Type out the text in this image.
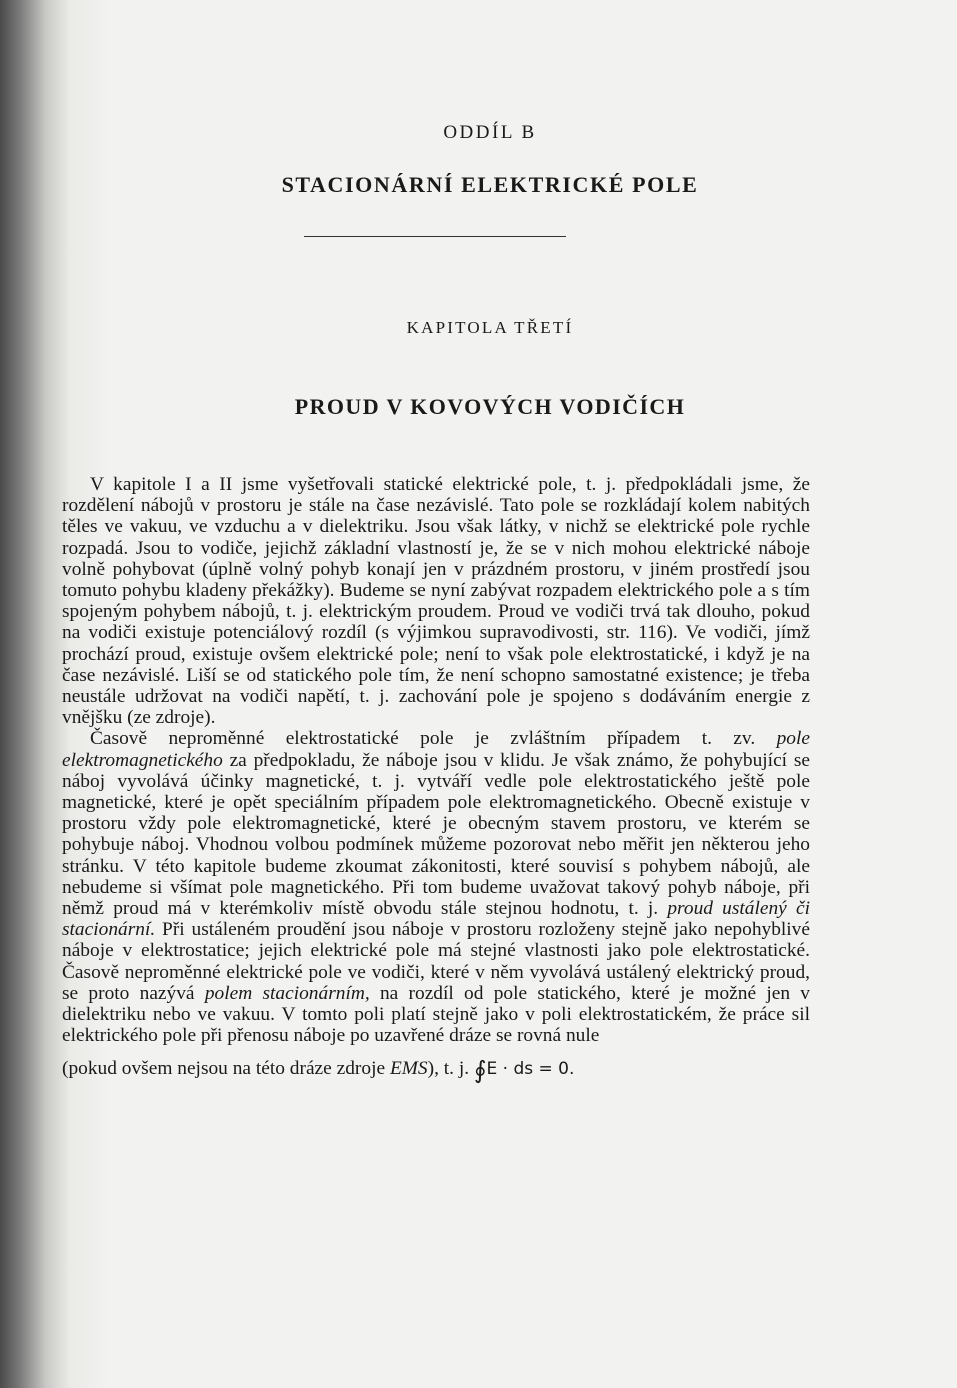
ODDÍL B
STACIONÁRNÍ ELEKTRICKÉ POLE
KAPITOLA TŘETÍ
PROUD V KOVOVÝCH VODIČÍCH

V kapitole I a II jsme vyšetřovali statické elektrické pole, t. j. předpokládali jsme, že rozdělení nábojů v prostoru je stále na čase nezávislé. Tato pole se rozkládají kolem nabitých těles ve vakuu, ve vzduchu a v dielektriku. Jsou však látky, v nichž se elektrické pole rychle rozpadá. Jsou to vodiče, jejichž základní vlastností je, že se v nich mohou elektrické náboje volně pohybovat (úplně volný pohyb konají jen v prázdném prostoru, v jiném prostředí jsou tomuto pohybu kladeny překážky). Budeme se nyní zabývat rozpadem elektrického pole a s tím spojeným pohybem nábojů, t. j. elektrickým proudem. Proud ve vodiči trvá tak dlouho, pokud na vodiči existuje potenciálový rozdíl (s výjimkou supravodivosti, str. 116). Ve vodiči, jímž prochází proud, existuje ovšem elektrické pole; není to však pole elektrostatické, i když je na čase nezávislé. Liší se od statického pole tím, že není schopno samostatné existence; je třeba neustále udržovat na vodiči napětí, t. j. zachování pole je spojeno s dodáváním energie z vnějšku (ze zdroje).

Časově neproměnné elektrostatické pole je zvláštním případem t. zv. pole elektromagnetického za předpokladu, že náboje jsou v klidu. Je však známo, že pohybující se náboj vyvolává účinky magnetické, t. j. vytváří vedle pole elektrostatického ještě pole magnetické, které je opět speciálním případem pole elektromagnetického. Obecně existuje v prostoru vždy pole elektromagnetické, které je obecným stavem prostoru, ve kterém se pohybuje náboj. Vhodnou volbou podmínek můžeme pozorovat nebo měřit jen některou jeho stránku. V této kapitole budeme zkoumat zákonitosti, které souvisí s pohybem nábojů, ale nebudeme si všímat pole magnetického. Při tom budeme uvažovat takový pohyb náboje, při němž proud má v kterémkoliv místě obvodu stále stejnou hodnotu, t. j. proud ustálený či stacionární. Při ustáleném proudění jsou náboje v prostoru rozloženy stejně jako nepohyblivé náboje v elektrostatice; jejich elektrické pole má stejné vlastnosti jako pole elektrostatické. Časově neproměnné elektrické pole ve vodiči, které v něm vyvolává ustálený elektrický proud, se proto nazývá polem stacionárním, na rozdíl od pole statického, které je možné jen v dielektriku nebo ve vakuu. V tomto poli platí stejně jako v poli elektrostatickém, že práce sil elektrického pole při přenosu náboje po uzavřené dráze se rovná nule

(pokud ovšem nejsou na této dráze zdroje EMS), t. j. ∮E · ds = 0.
